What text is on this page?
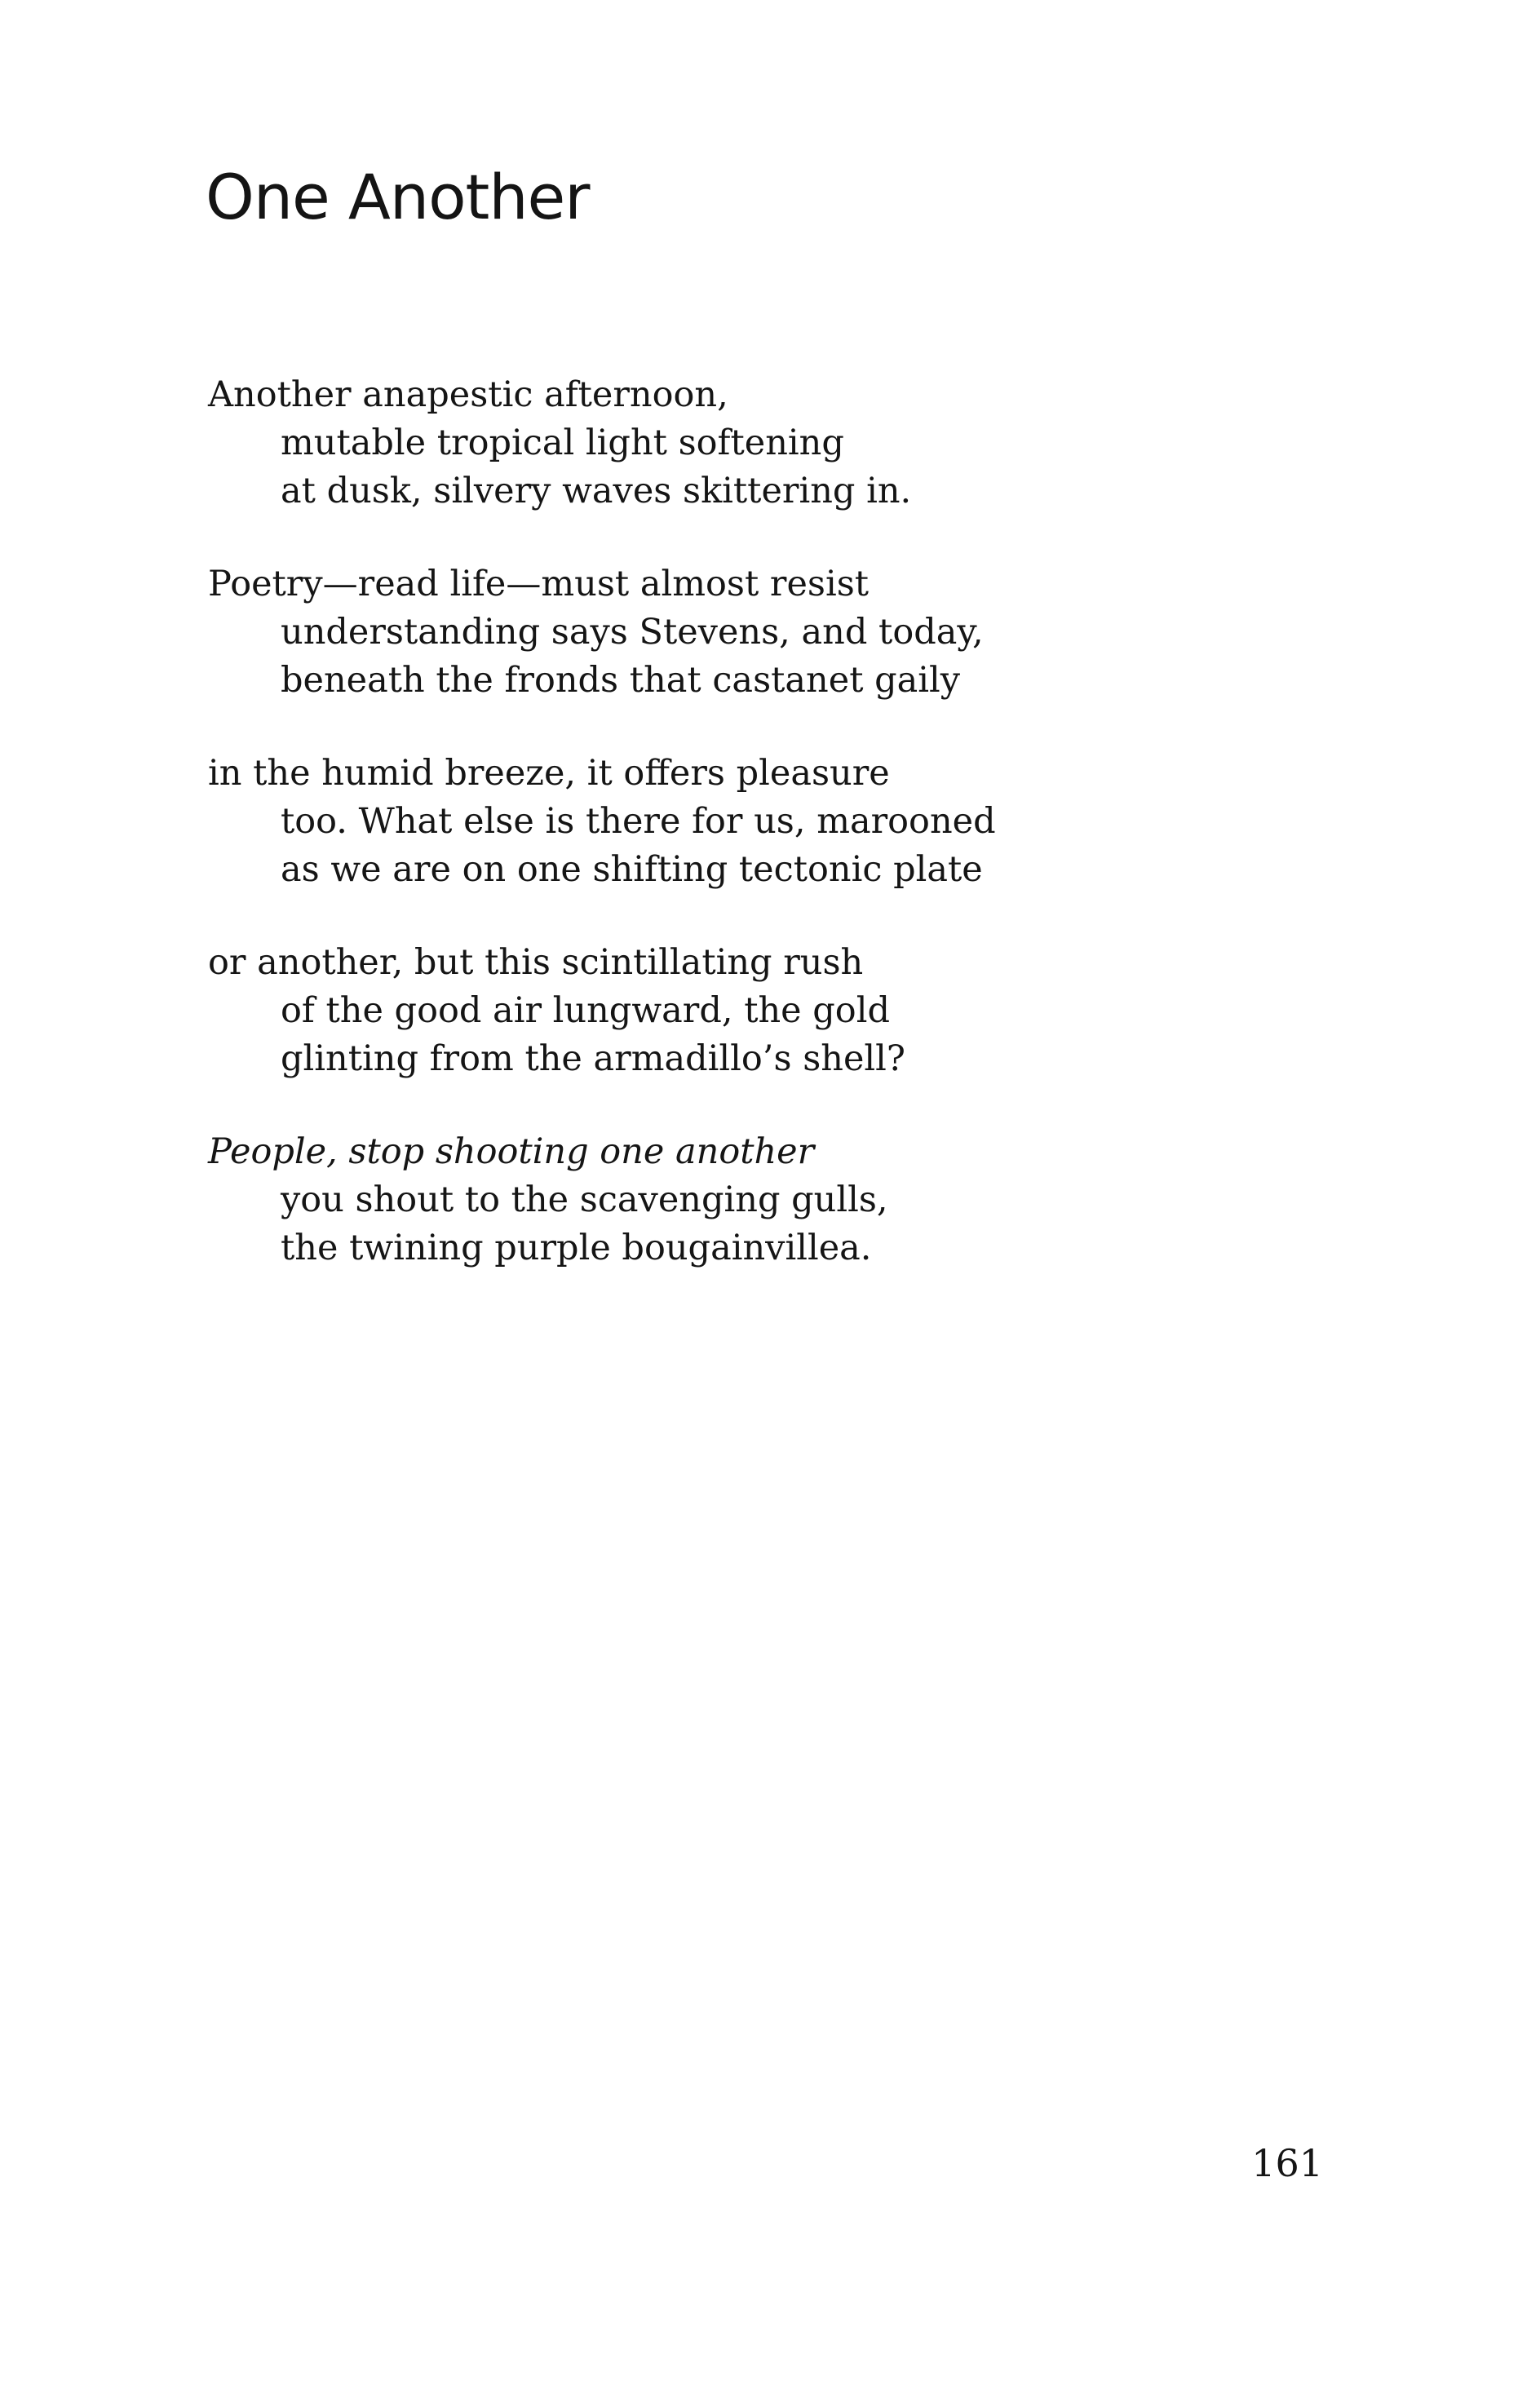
One Another
Another anapestic afternoon,
mutable tropical light softening
at dusk, silvery waves skittering in.
Poetry—read life—must almost resist
understanding says Stevens, and today,
beneath the fronds that castanet gaily
in the humid breeze, it offers pleasure
too. What else is there for us, marooned
as we are on one shifting tectonic plate
or another, but this scintillating rush
of the good air lungward, the gold
glinting from the armadillo’s shell?
People, stop shooting one another
you shout to the scavenging gulls,
the twining purple bougainvillea.
161
